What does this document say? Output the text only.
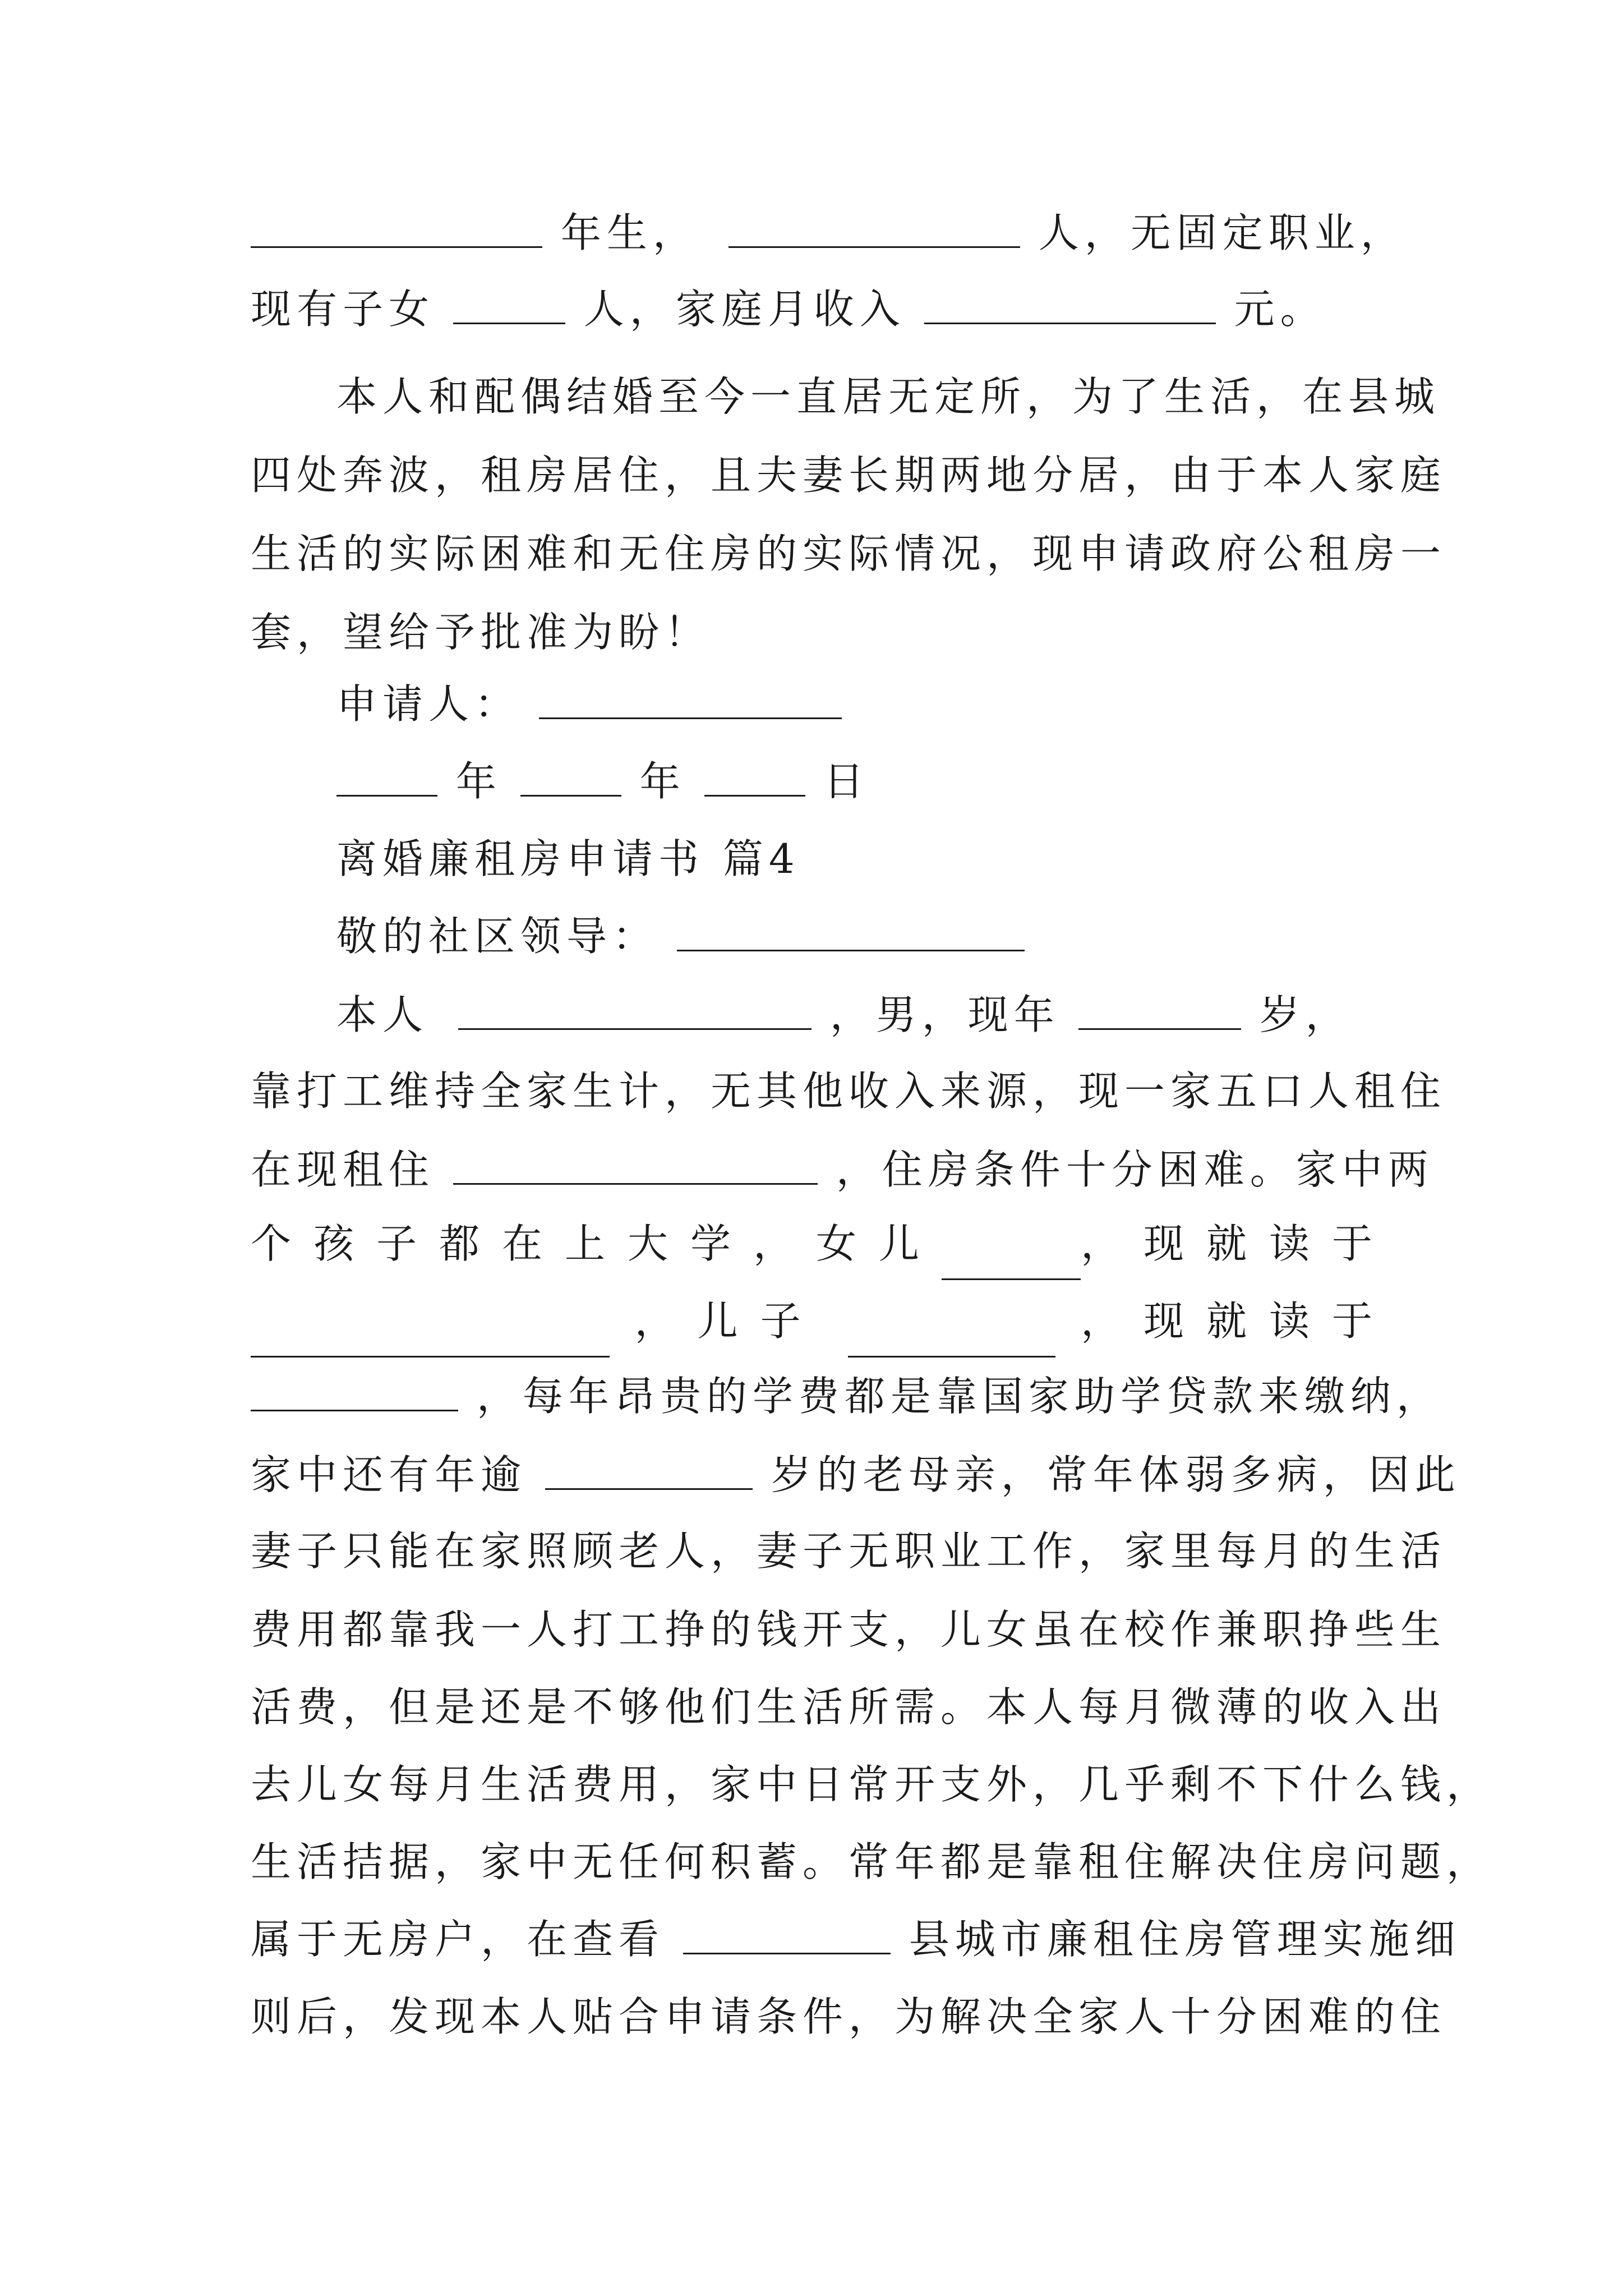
年生，	人，无固定职业，
现有子女	人，家庭月收入	元。
本人和配偶结婚至今一直居无定所，为了生活，在县城
四处奔波，租房居住，且夫妻长期两地分居，由于本人家庭
生活的实际困难和无住房的实际情况，现申请政府公租房一
套，望给予批准为盼！
申请人：
年	年	日
离婚廉租房申请书 篇4
敬的社区领导：
本人	，男，现年	岁，
靠打工维持全家生计，无其他收入来源，现一家五口人租住
在现租住	，住房条件十分困难。家中两
个孩子都在上大学，女儿	，现就读于
，儿子	，现就读于
，每年昂贵的学费都是靠国家助学贷款来缴纳，
家中还有年逾	岁的老母亲，常年体弱多病，因此
妻子只能在家照顾老人，妻子无职业工作，家里每月的生活
费用都靠我一人打工挣的钱开支，儿女虽在校作兼职挣些生
活费，但是还是不够他们生活所需。本人每月微薄的收入出
去儿女每月生活费用，家中日常开支外，几乎剩不下什么钱，
生活拮据，家中无任何积蓄。常年都是靠租住解决住房问题，
属于无房户，在查看	县城市廉租住房管理实施细
则后，发现本人贴合申请条件，为解决全家人十分困难的住
